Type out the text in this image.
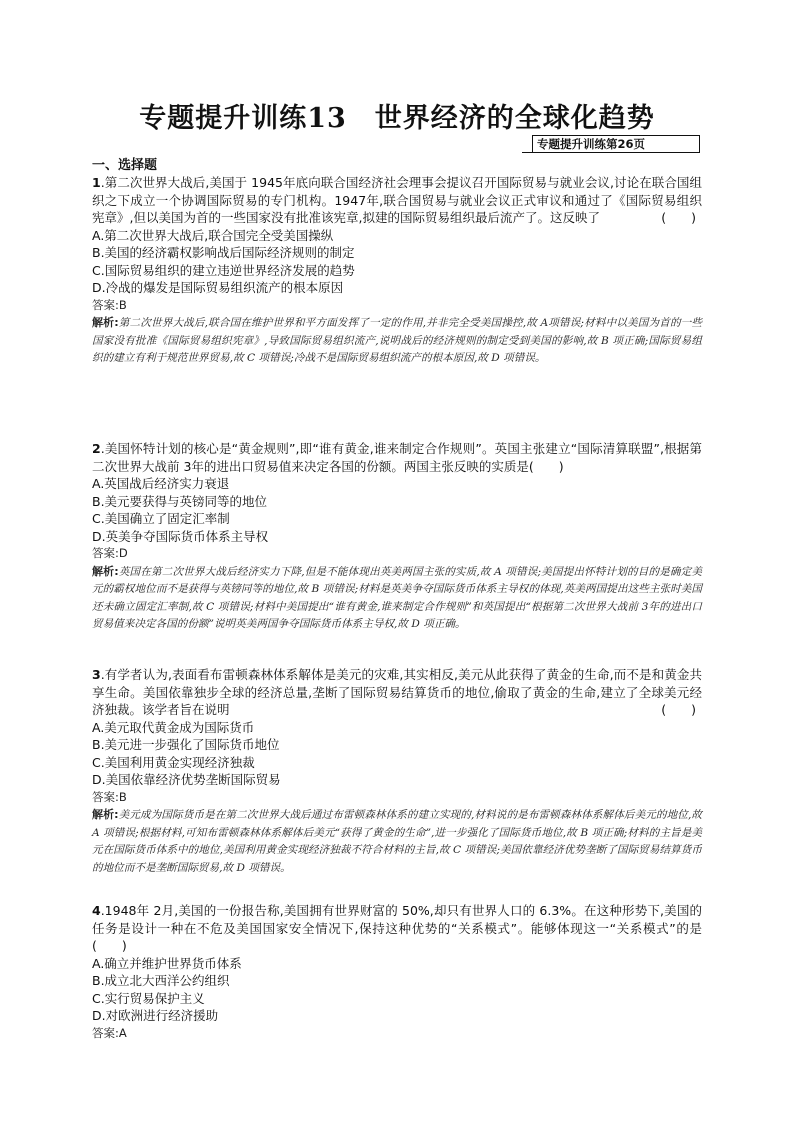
专题提升训练13　世界经济的全球化趋势
专题提升训练第26页
一、选择题

1.第二次世界大战后,美国于 1945年底向联合国经济社会理事会提议召开国际贸易与就业会议,讨论在联合国组织之下成立一个协调国际贸易的专门机构。1947年,联合国贸易与就业会议正式审议和通过了《国际贸易组织宪章》,但以美国为首的一些国家没有批准该宪章,拟建的国际贸易组织最后流产了。这反映了	(　　)

A.第二次世界大战后,联合国完全受美国操纵

B.美国的经济霸权影响战后国际经济规则的制定

C.国际贸易组织的建立违逆世界经济发展的趋势

D.冷战的爆发是国际贸易组织流产的根本原因

答案:B

解析:第二次世界大战后,联合国在维护世界和平方面发挥了一定的作用,并非完全受美国操控,故 A项错误;材料中以美国为首的一些国家没有批准《国际贸易组织宪章》,导致国际贸易组织流产,说明战后的经济规则的制定受到美国的影响,故 B 项正确;国际贸易组织的建立有利于规范世界贸易,故 C 项错误;冷战不是国际贸易组织流产的根本原因,故 D 项错误。

2.美国怀特计划的核心是“黄金规则”,即“谁有黄金,谁来制定合作规则”。英国主张建立“国际清算联盟”,根据第二次世界大战前 3年的进出口贸易值来决定各国的份额。两国主张反映的实质是(　　)

A.英国战后经济实力衰退

B.美元要获得与英镑同等的地位

C.美国确立了固定汇率制

D.英美争夺国际货币体系主导权

答案:D

解析:英国在第二次世界大战后经济实力下降,但是不能体现出英美两国主张的实质,故 A 项错误;美国提出怀特计划的目的是确定美元的霸权地位而不是获得与英镑同等的地位,故 B 项错误;材料是英美争夺国际货币体系主导权的体现,英美两国提出这些主张时美国还未确立固定汇率制,故 C 项错误;材料中美国提出“谁有黄金,谁来制定合作规则”和英国提出“根据第二次世界大战前 3年的进出口贸易值来决定各国的份额”说明英美两国争夺国际货币体系主导权,故 D 项正确。

3.有学者认为,表面看布雷顿森林体系解体是美元的灾难,其实相反,美元从此获得了黄金的生命,而不是和黄金共享生命。美国依靠独步全球的经济总量,垄断了国际贸易结算货币的地位,偷取了黄金的生命,建立了全球美元经济独裁。该学者旨在说明	(　　)

A.美元取代黄金成为国际货币

B.美元进一步强化了国际货币地位

C.美国利用黄金实现经济独裁

D.美国依靠经济优势垄断国际贸易

答案:B

解析:美元成为国际货币是在第二次世界大战后通过布雷顿森林体系的建立实现的,材料说的是布雷顿森林体系解体后美元的地位,故 A 项错误;根据材料,可知布雷顿森林体系解体后美元“获得了黄金的生命”,进一步强化了国际货币地位,故 B 项正确;材料的主旨是美元在国际货币体系中的地位,美国利用黄金实现经济独裁不符合材料的主旨,故 C 项错误;美国依靠经济优势垄断了国际贸易结算货币的地位而不是垄断国际贸易,故 D 项错误。

4.1948年 2月,美国的一份报告称,美国拥有世界财富的 50%,却只有世界人口的 6.3%。在这种形势下,美国的任务是设计一种在不危及美国国家安全情况下,保持这种优势的“关系模式”。能够体现这一“关系模式”的是(　　)

A.确立并维护世界货币体系

B.成立北大西洋公约组织

C.实行贸易保护主义

D.对欧洲进行经济援助

答案:A
